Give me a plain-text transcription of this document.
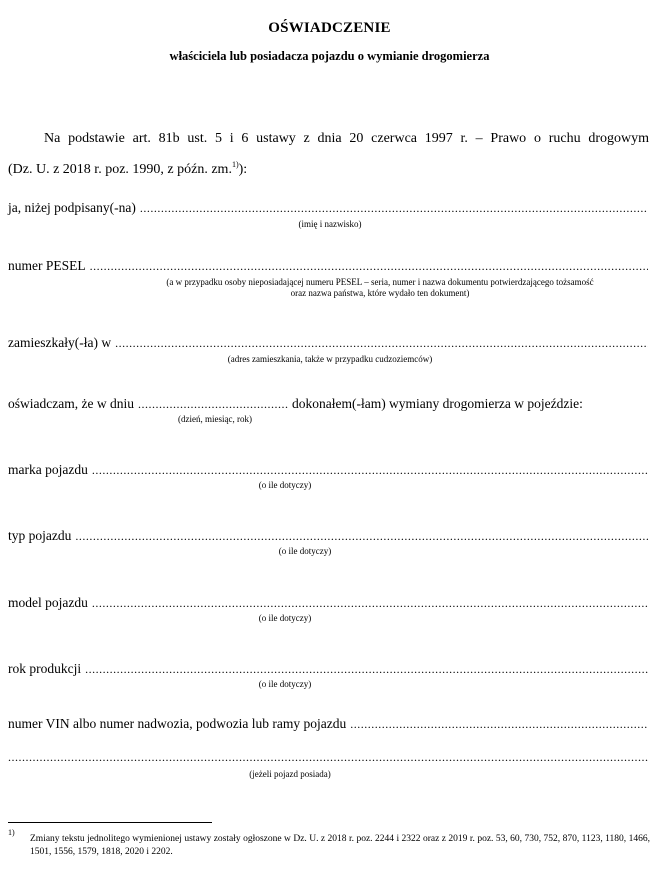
OŚWIADCZENIE
właściciela lub posiadacza pojazdu o wymianie drogomierza
Na podstawie art. 81b ust. 5 i 6 ustawy z dnia 20 czerwca 1997 r. – Prawo o ruchu drogowym
(Dz. U. z 2018 r. poz. 1990, z późn. zm.$^{1)}$):
ja, niżej podpisany(-na)
.....
(imię i nazwisko)
numer PESEL
.....
(a w przypadku osoby nieposiadającej numeru PESEL – seria, numer i nazwa dokumentu potwierdzającego tożsamość
oraz nazwa państwa, które wydało ten dokument)
zamieszkały(-ła) w
.....
(adres zamieszkania, także w przypadku cudzoziemców)
oświadczam, że w dniu
.....	dokonałem(-łam) wymiany drogomierza w pojeździe:
(dzień, miesiąc, rok)
marka pojazdu
.....
(o ile dotyczy)
typ pojazdu
.....
(o ile dotyczy)
model pojazdu
.....
(o ile dotyczy)
rok produkcji
.....
(o ile dotyczy)
numer VIN albo numer nadwozia, podwozia lub ramy pojazdu
.....
.....
(jeżeli pojazd posiada)
1)
Zmiany tekstu jednolitego wymienionej ustawy zostały ogłoszone w Dz. U. z 2018 r. poz. 2244 i 2322 oraz z 2019 r. poz. 53, 60, 730, 752, 870, 1123, 1180, 1466, 1501, 1556, 1579, 1818, 2020 i 2202.
